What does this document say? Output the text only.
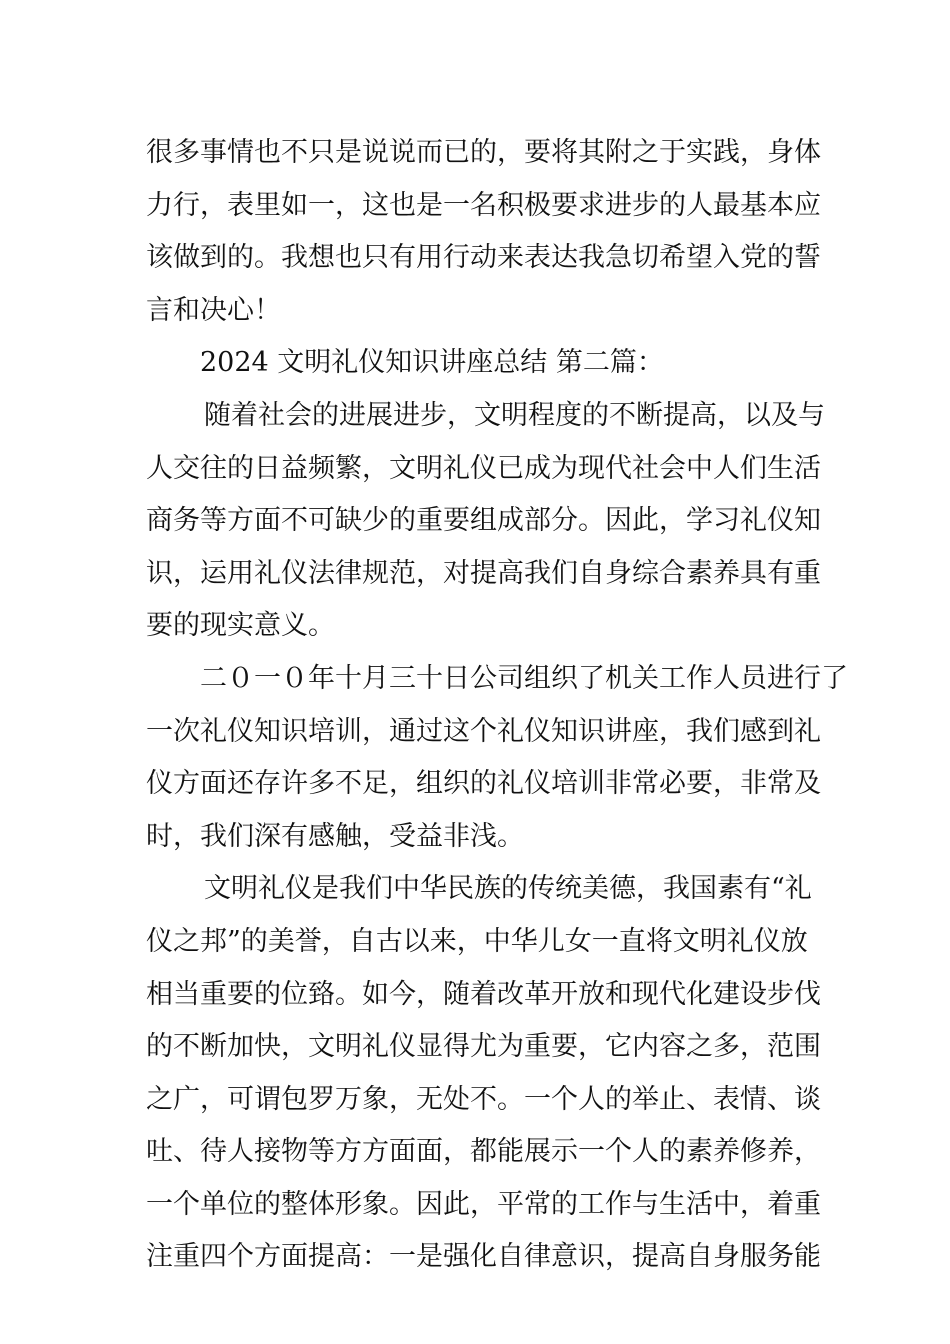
很多事情也不只是说说而已的，要将其附之于实践，身体
力行，表里如一，这也是一名积极要求进步的人最基本应
该做到的。我想也只有用行动来表达我急切希望入党的誓
言和决心！
2024 文明礼仪知识讲座总结 第二篇：
随着社会的进展进步，文明程度的不断提高，以及与
人交往的日益频繁，文明礼仪已成为现代社会中人们生活
商务等方面不可缺少的重要组成部分。因此，学习礼仪知
识，运用礼仪法律规范，对提高我们自身综合素养具有重
要的现实意义。
二０一０年十月三十日公司组织了机关工作人员进行了
一次礼仪知识培训，通过这个礼仪知识讲座，我们感到礼
仪方面还存许多不足，组织的礼仪培训非常必要，非常及
时，我们深有感触，受益非浅。
文明礼仪是我们中华民族的传统美德，我国素有“礼
仪之邦”的美誉，自古以来，中华儿女一直将文明礼仪放
相当重要的位臵。如今，随着改革开放和现代化建设步伐
的不断加快，文明礼仪显得尤为重要，它内容之多，范围
之广，可谓包罗万象，无处不。一个人的举止、表情、谈
吐、待人接物等方方面面，都能展示一个人的素养修养，
一个单位的整体形象。因此，平常的工作与生活中，着重
注重四个方面提高：一是强化自律意识，提高自身服务能
